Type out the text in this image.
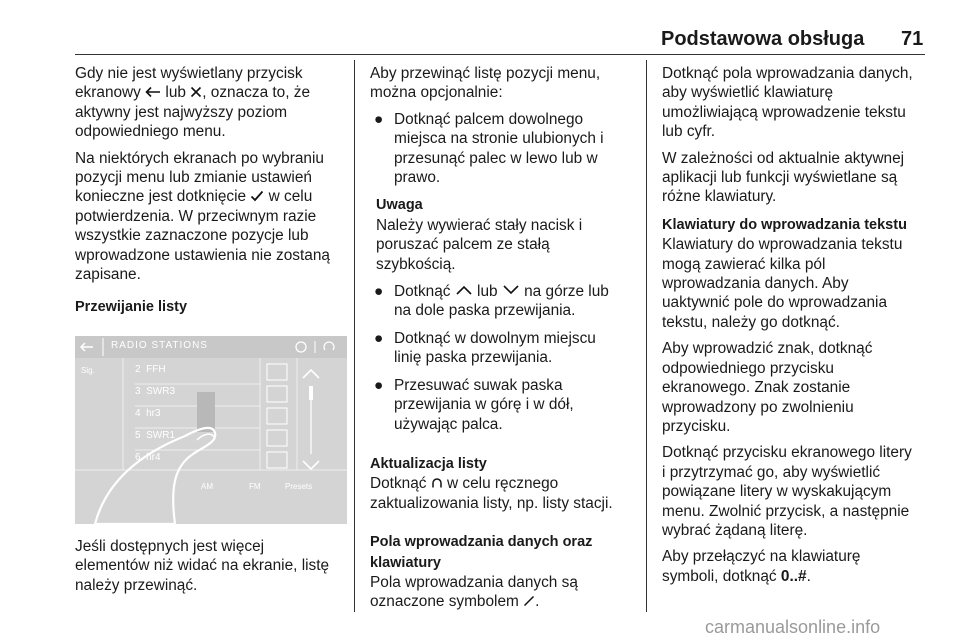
Podstawowa obsługa 71

Gdy nie jest wyświetlany przycisk
ekranowy  lub , oznacza to, że
aktywny jest najwyższy poziom
odpowiedniego menu.

Na niektórych ekranach po wybraniu
pozycji menu lub zmianie ustawień
konieczne jest dotknięcie  w celu
potwierdzenia. W przeciwnym razie
wszystkie zaznaczone pozycje lub
wprowadzone ustawienia nie zostaną
zapisane.

Przewijanie listy

RADIO STATIONS
Sig.	2 FFH
3 SWR3
4 hr3
5 SWR1
6 hr4
AM	FM	Presets

Jeśli dostępnych jest więcej
elementów niż widać na ekranie, listę
należy przewinąć.

Aby przewinąć listę pozycji menu,
można opcjonalnie:

● Dotknąć palcem dowolnego
miejsca na stronie ulubionych i
przesunąć palec w lewo lub w
prawo.
Uwaga
Należy wywierać stały nacisk i
poruszać palcem ze stałą
szybkością.
● Dotknąć  lub  na górze lub
na dole paska przewijania.
● Dotknąć w dowolnym miejscu
linię paska przewijania.
● Przesuwać suwak paska
przewijania w górę i w dół,
używając palca.

Aktualizacja listy
Dotknąć  w celu ręcznego
zaktualizowania listy, np. listy stacji.

Pola wprowadzania danych oraz
klawiatury
Pola wprowadzania danych są
oznaczone symbolem .

Dotknąć pola wprowadzania danych,
aby wyświetlić klawiaturę
umożliwiającą wprowadzenie tekstu
lub cyfr.

W zależności od aktualnie aktywnej
aplikacji lub funkcji wyświetlane są
różne klawiatury.

Klawiatury do wprowadzania tekstu
Klawiatury do wprowadzania tekstu
mogą zawierać kilka pól
wprowadzania danych. Aby
uaktywnić pole do wprowadzania
tekstu, należy go dotknąć.

Aby wprowadzić znak, dotknąć
odpowiedniego przycisku
ekranowego. Znak zostanie
wprowadzony po zwolnieniu
przycisku.

Dotknąć przycisku ekranowego litery
i przytrzymać go, aby wyświetlić
powiązane litery w wyskakującym
menu. Zwolnić przycisk, a następnie
wybrać żądaną literę.

Aby przełączyć na klawiaturę
symboli, dotknąć 0..#.

carmanualsonline.info
